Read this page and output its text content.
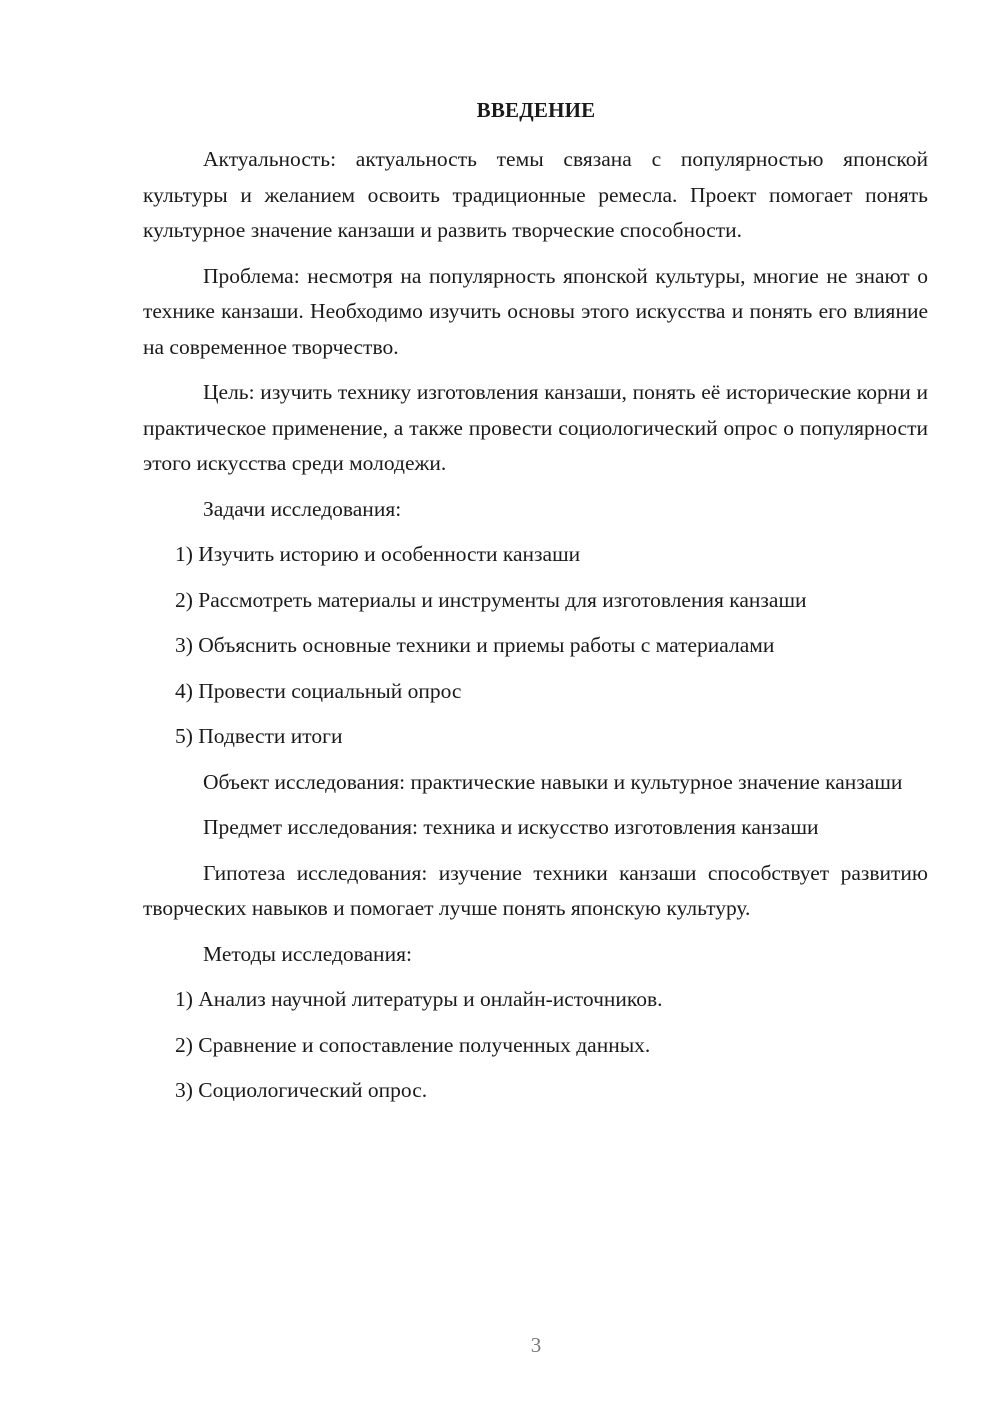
ВВЕДЕНИЕ

Актуальность: актуальность темы связана с популярностью японской культуры и желанием освоить традиционные ремесла. Проект помогает понять культурное значение канзаши и развить творческие способности.

Проблема: несмотря на популярность японской культуры, многие не знают о технике канзаши. Необходимо изучить основы этого искусства и понять его влияние на современное творчество.

Цель: изучить технику изготовления канзаши, понять её исторические корни и практическое применение, а также провести социологический опрос о популярности этого искусства среди молодежи.

Задачи исследования:

1) Изучить историю и особенности канзаши

2) Рассмотреть материалы и инструменты для изготовления канзаши

3) Объяснить основные техники и приемы работы с материалами

4) Провести социальный опрос

5) Подвести итоги

Объект исследования: практические навыки и культурное значение канзаши

Предмет исследования: техника и искусство изготовления канзаши

Гипотеза исследования: изучение техники канзаши способствует развитию творческих навыков и помогает лучше понять японскую культуру.

Методы исследования:

1) Анализ научной литературы и онлайн-источников.

2) Сравнение и сопоставление полученных данных.

3) Социологический опрос.

3
